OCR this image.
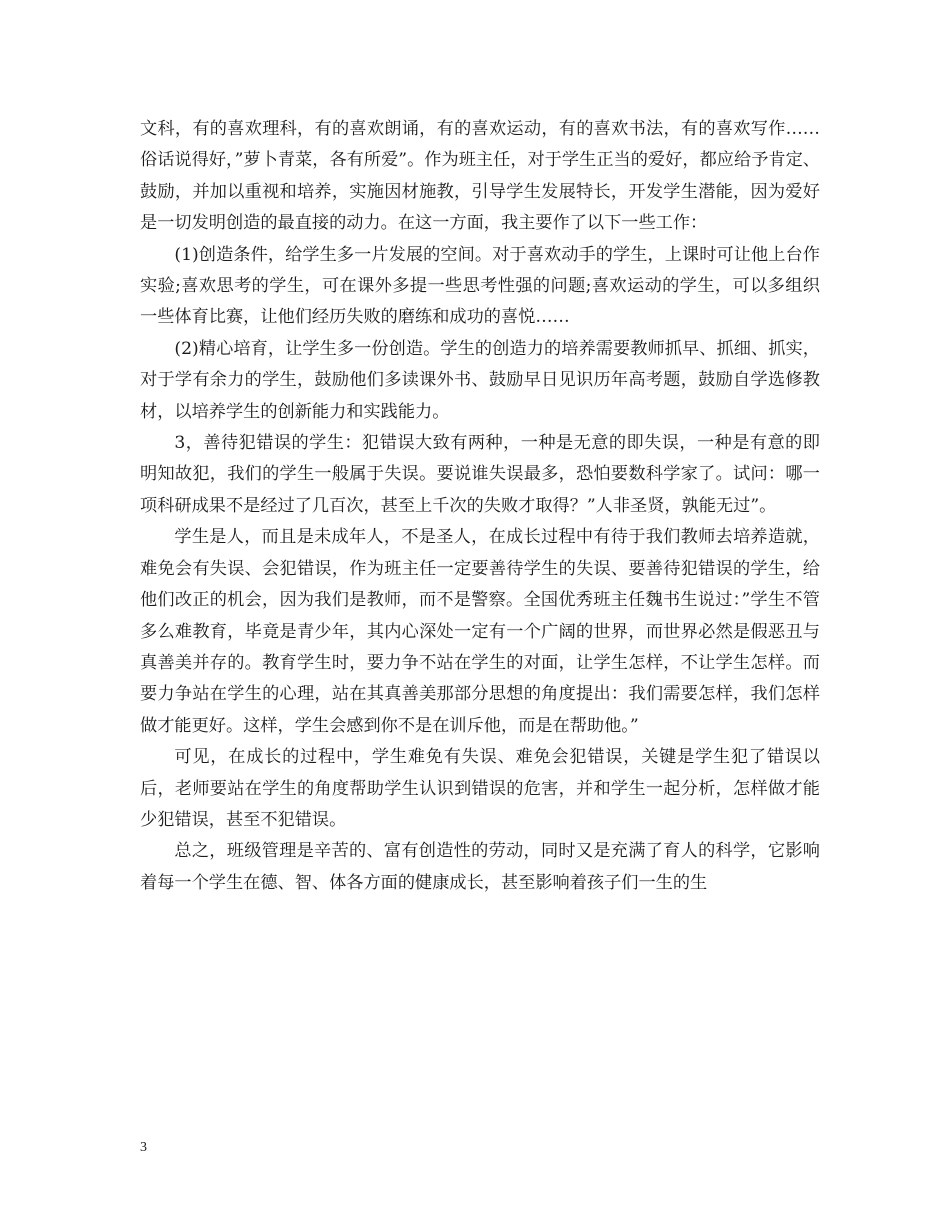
文科，有的喜欢理科，有的喜欢朗诵，有的喜欢运动，有的喜欢书法，有的喜欢写作……俗话说得好，”萝卜青菜，各有所爱”。作为班主任，对于学生正当的爱好，都应给予肯定、鼓励，并加以重视和培养，实施因材施教，引导学生发展特长，开发学生潜能，因为爱好是一切发明创造的最直接的动力。在这一方面，我主要作了以下一些工作：

(1)创造条件，给学生多一片发展的空间。对于喜欢动手的学生，上课时可让他上台作实验;喜欢思考的学生，可在课外多提一些思考性强的问题;喜欢运动的学生，可以多组织一些体育比赛，让他们经历失败的磨练和成功的喜悦……

(2)精心培育，让学生多一份创造。学生的创造力的培养需要教师抓早、抓细、抓实，对于学有余力的学生，鼓励他们多读课外书、鼓励早日见识历年高考题，鼓励自学选修教材，以培养学生的创新能力和实践能力。

3，善待犯错误的学生：犯错误大致有两种，一种是无意的即失误，一种是有意的即明知故犯，我们的学生一般属于失误。要说谁失误最多，恐怕要数科学家了。试问：哪一项科研成果不是经过了几百次，甚至上千次的失败才取得？”人非圣贤，孰能无过”。

学生是人，而且是未成年人，不是圣人，在成长过程中有待于我们教师去培养造就，难免会有失误、会犯错误，作为班主任一定要善待学生的失误、要善待犯错误的学生，给他们改正的机会，因为我们是教师，而不是警察。全国优秀班主任魏书生说过：”学生不管多么难教育，毕竟是青少年，其内心深处一定有一个广阔的世界，而世界必然是假恶丑与真善美并存的。教育学生时，要力争不站在学生的对面，让学生怎样，不让学生怎样。而要力争站在学生的心理，站在其真善美那部分思想的角度提出：我们需要怎样，我们怎样做才能更好。这样，学生会感到你不是在训斥他，而是在帮助他。”

可见，在成长的过程中，学生难免有失误、难免会犯错误，关键是学生犯了错误以后，老师要站在学生的角度帮助学生认识到错误的危害，并和学生一起分析，怎样做才能少犯错误，甚至不犯错误。

总之，班级管理是辛苦的、富有创造性的劳动，同时又是充满了育人的科学，它影响着每一个学生在德、智、体各方面的健康成长，甚至影响着孩子们一生的生

3
